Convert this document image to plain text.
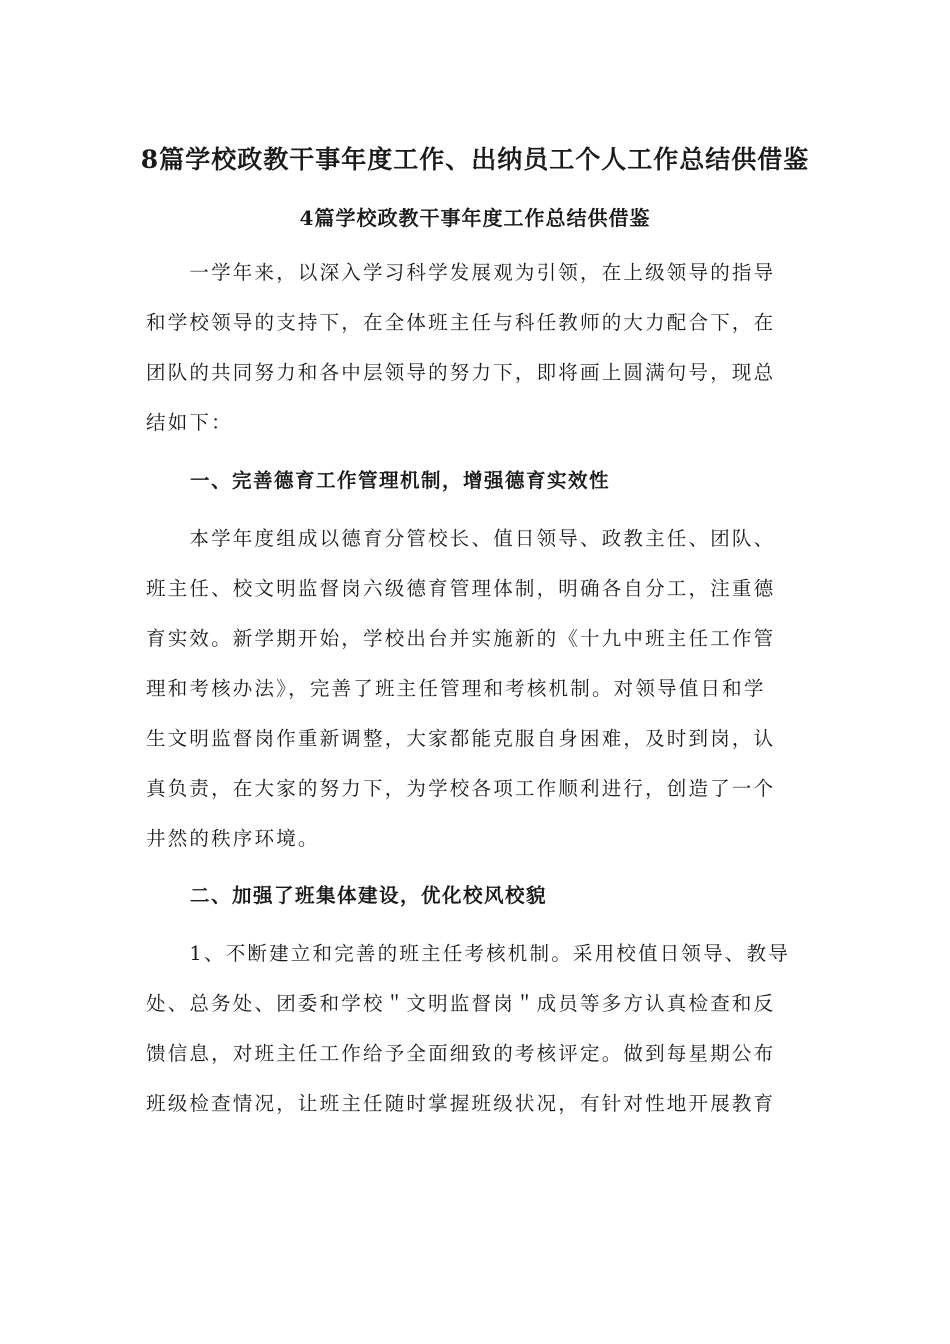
8篇学校政教干事年度工作、出纳员工个人工作总结供借鉴
4篇学校政教干事年度工作总结供借鉴
　　一学年来，以深入学习科学发展观为引领，在上级领导的指导
和学校领导的支持下，在全体班主任与科任教师的大力配合下，在
团队的共同努力和各中层领导的努力下，即将画上圆满句号，现总
结如下：
一、完善德育工作管理机制，增强德育实效性
　　本学年度组成以德育分管校长、值日领导、政教主任、团队、
班主任、校文明监督岗六级德育管理体制，明确各自分工，注重德
育实效。新学期开始，学校出台并实施新的《十九中班主任工作管
理和考核办法》，完善了班主任管理和考核机制。对领导值日和学
生文明监督岗作重新调整，大家都能克服自身困难，及时到岗，认
真负责，在大家的努力下，为学校各项工作顺利进行，创造了一个
井然的秩序环境。
二、加强了班集体建设，优化校风校貌
　　1、不断建立和完善的班主任考核机制。采用校值日领导、教导
处、总务处、团委和学校＂文明监督岗＂成员等多方认真检查和反
馈信息，对班主任工作给予全面细致的考核评定。做到每星期公布
班级检查情况，让班主任随时掌握班级状况，有针对性地开展教育
